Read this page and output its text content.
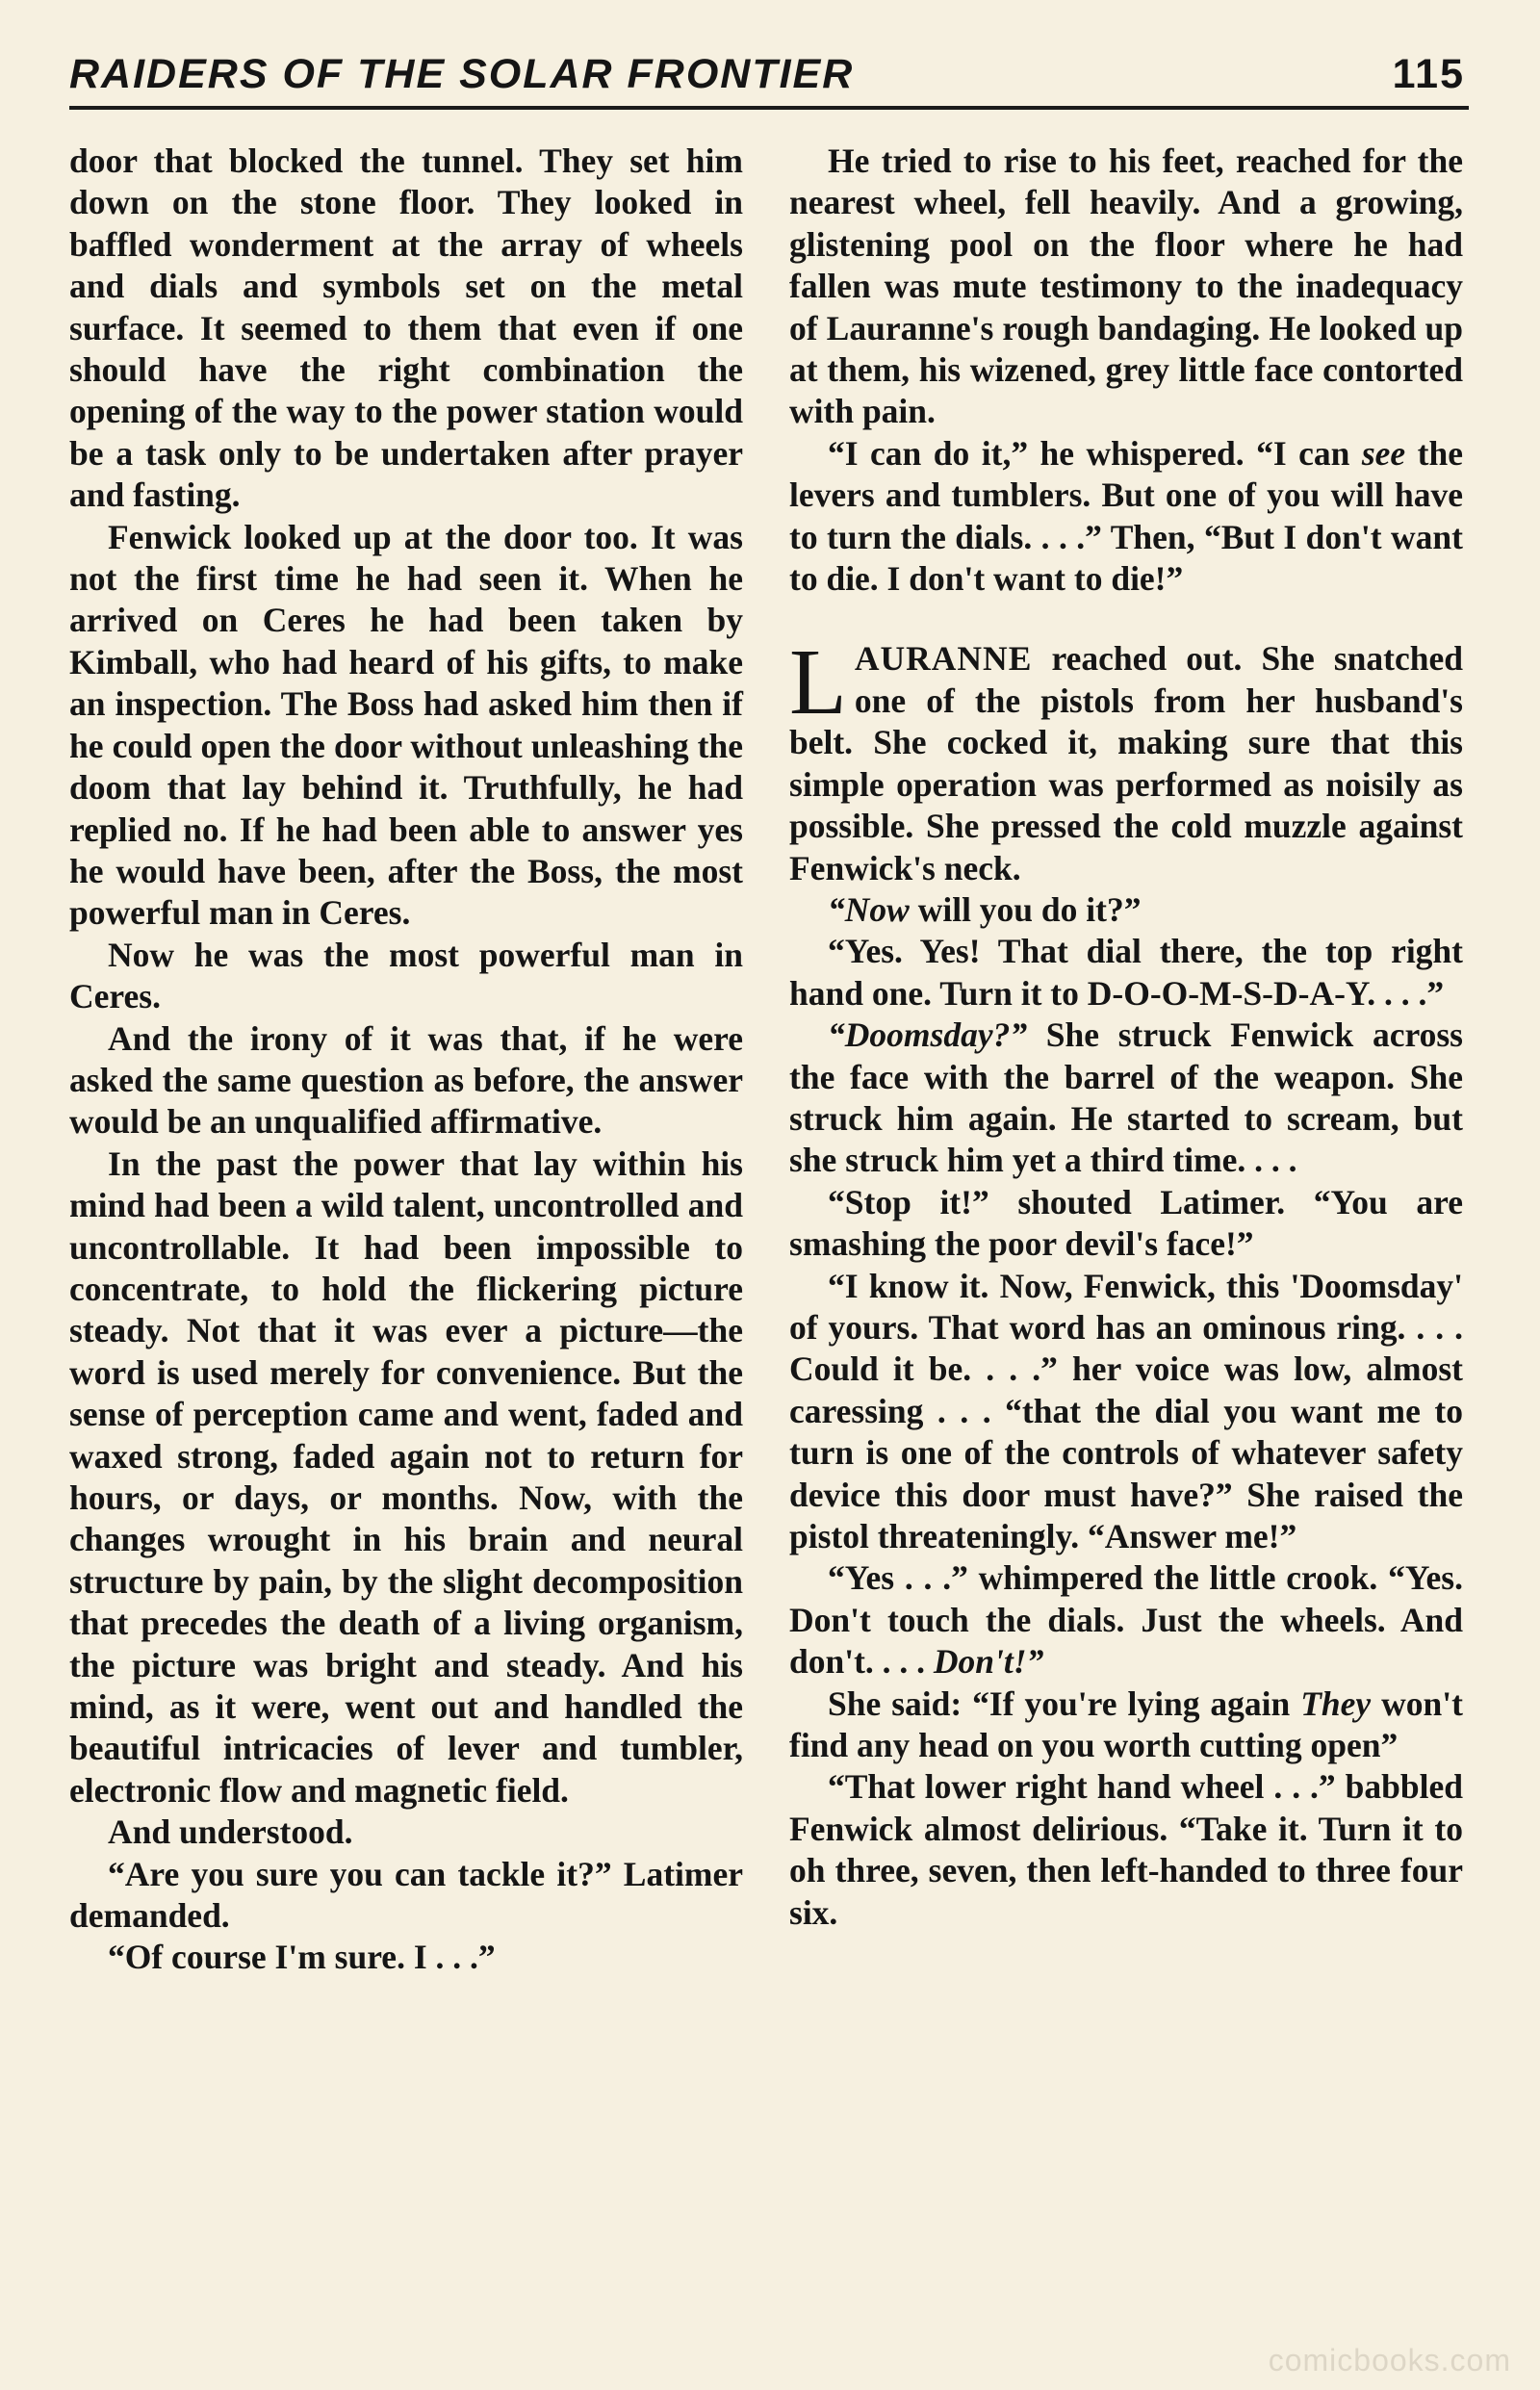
RAIDERS OF THE SOLAR FRONTIER	115

door that blocked the tunnel. They set him down on the stone floor. They looked in baffled wonderment at the array of wheels and dials and symbols set on the metal surface. It seemed to them that even if one should have the right combination the opening of the way to the power station would be a task only to be undertaken after prayer and fasting.

Fenwick looked up at the door too. It was not the first time he had seen it. When he arrived on Ceres he had been taken by Kimball, who had heard of his gifts, to make an inspection. The Boss had asked him then if he could open the door without unleashing the doom that lay behind it. Truthfully, he had replied no. If he had been able to answer yes he would have been, after the Boss, the most powerful man in Ceres.

Now he was the most powerful man in Ceres.

And the irony of it was that, if he were asked the same question as before, the answer would be an unqualified affirmative.

In the past the power that lay within his mind had been a wild talent, uncontrolled and uncontrollable. It had been impossible to concentrate, to hold the flickering picture steady. Not that it was ever a picture—the word is used merely for convenience. But the sense of perception came and went, faded and waxed strong, faded again not to return for hours, or days, or months. Now, with the changes wrought in his brain and neural structure by pain, by the slight decomposition that precedes the death of a living organism, the picture was bright and steady. And his mind, as it were, went out and handled the beautiful intricacies of lever and tumbler, electronic flow and magnetic field.

And understood.

“Are you sure you can tackle it?” Latimer demanded.

“Of course I'm sure. I . . .”

He tried to rise to his feet, reached for the nearest wheel, fell heavily. And a growing, glistening pool on the floor where he had fallen was mute testimony to the inadequacy of Lauranne's rough bandaging. He looked up at them, his wizened, grey little face contorted with pain.

“I can do it,” he whispered. “I can see the levers and tumblers. But one of you will have to turn the dials. . . .” Then, “But I don't want to die. I don't want to die!”

LAURANNE reached out. She snatched one of the pistols from her husband's belt. She cocked it, making sure that this simple operation was performed as noisily as possible. She pressed the cold muzzle against Fenwick's neck.

“Now will you do it?”

“Yes. Yes! That dial there, the top right hand one. Turn it to D-O-O-M-S-D-A-Y. . . .”

“Doomsday?” She struck Fenwick across the face with the barrel of the weapon. She struck him again. He started to scream, but she struck him yet a third time. . . .

“Stop it!” shouted Latimer. “You are smashing the poor devil's face!”

“I know it. Now, Fenwick, this 'Doomsday' of yours. That word has an ominous ring. . . . Could it be. . . .” her voice was low, almost caressing . . . “that the dial you want me to turn is one of the controls of whatever safety device this door must have?” She raised the pistol threateningly. “Answer me!”

“Yes . . .” whimpered the little crook. “Yes. Don't touch the dials. Just the wheels. And don't. . . . Don't!”

She said: “If you're lying again They won't find any head on you worth cutting open”

“That lower right hand wheel . . .” babbled Fenwick almost delirious. “Take it. Turn it to oh three, seven, then left-handed to three four six.

comicbooks.com
